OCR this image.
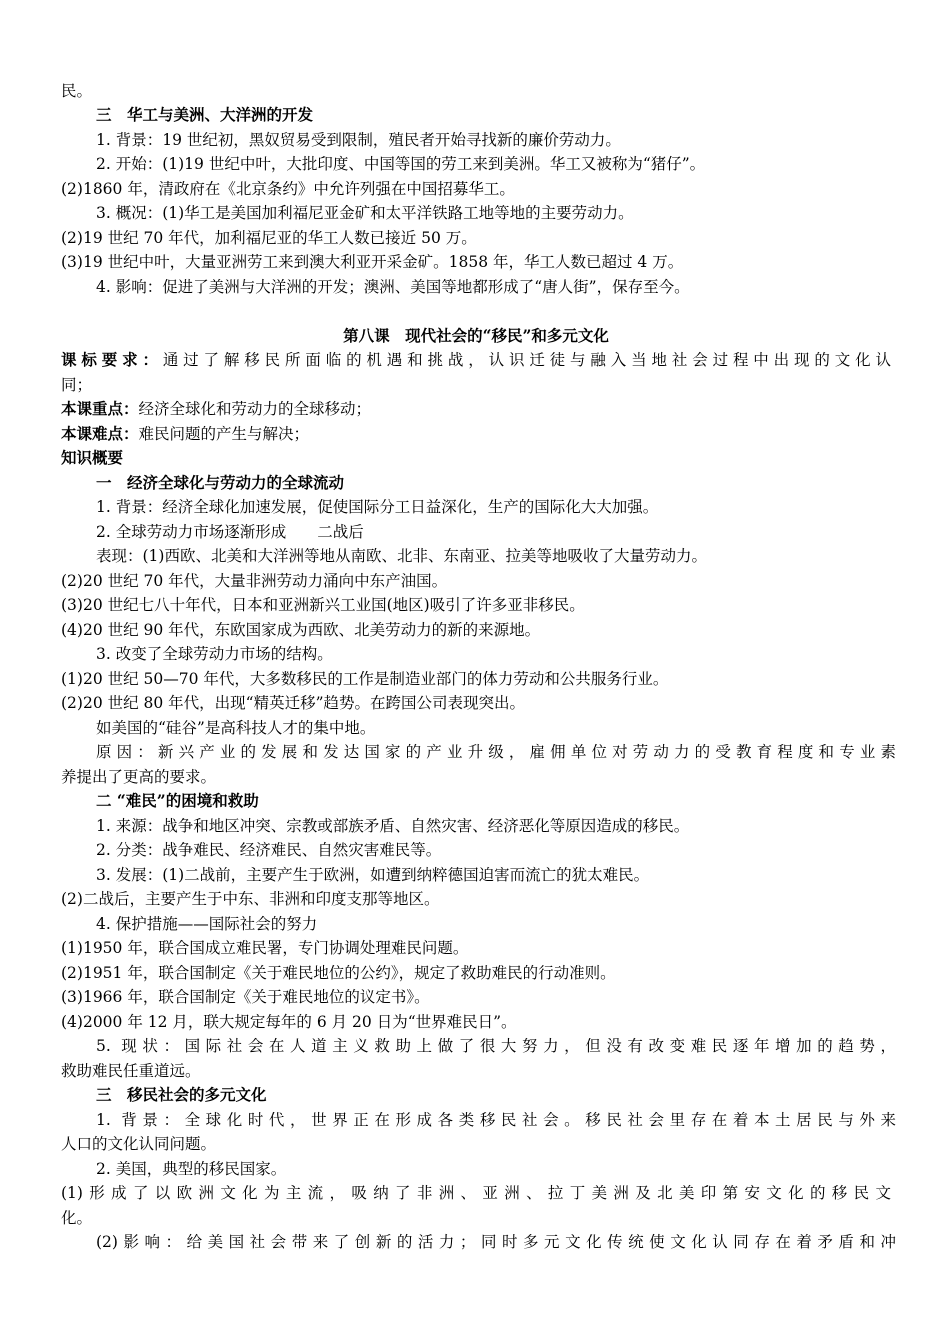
民。
三　华工与美洲、大洋洲的开发
1. 背景：19 世纪初，黑奴贸易受到限制，殖民者开始寻找新的廉价劳动力。
2. 开始：(1)19 世纪中叶，大批印度、中国等国的劳工来到美洲。华工又被称为“猪仔”。
(2)1860 年，清政府在《北京条约》中允许列强在中国招募华工。
3. 概况：(1)华工是美国加利福尼亚金矿和太平洋铁路工地等地的主要劳动力。
(2)19 世纪 70 年代，加利福尼亚的华工人数已接近 50 万。
(3)19 世纪中叶，大量亚洲劳工来到澳大利亚开采金矿。1858 年，华工人数已超过 4 万。
4. 影响：促进了美洲与大洋洲的开发；澳洲、美国等地都形成了“唐人街”，保存至今。
第八课　现代社会的“移民”和多元文化
课标要求：通过了解移民所面临的机遇和挑战，认识迁徒与融入当地社会过程中出现的文化认
同；
本课重点：经济全球化和劳动力的全球移动；
本课难点：难民问题的产生与解决；
知识概要
一　经济全球化与劳动力的全球流动
1. 背景：经济全球化加速发展，促使国际分工日益深化，生产的国际化大大加强。
2. 全球劳动力市场逐渐形成　　二战后
表现：(1)西欧、北美和大洋洲等地从南欧、北非、东南亚、拉美等地吸收了大量劳动力。
(2)20 世纪 70 年代，大量非洲劳动力涌向中东产油国。
(3)20 世纪七八十年代，日本和亚洲新兴工业国(地区)吸引了许多亚非移民。
(4)20 世纪 90 年代，东欧国家成为西欧、北美劳动力的新的来源地。
3. 改变了全球劳动力市场的结构。
(1)20 世纪 50—70 年代，大多数移民的工作是制造业部门的体力劳动和公共服务行业。
(2)20 世纪 80 年代，出现“精英迁移”趋势。在跨国公司表现突出。
如美国的“硅谷”是高科技人才的集中地。
原因：新兴产业的发展和发达国家的产业升级，雇佣单位对劳动力的受教育程度和专业素
养提出了更高的要求。
二 “难民”的困境和救助
1. 来源：战争和地区冲突、宗教或部族矛盾、自然灾害、经济恶化等原因造成的移民。
2. 分类：战争难民、经济难民、自然灾害难民等。
3. 发展：(1)二战前，主要产生于欧洲，如遭到纳粹德国迫害而流亡的犹太难民。
(2)二战后，主要产生于中东、非洲和印度支那等地区。
4. 保护措施——国际社会的努力
(1)1950 年，联合国成立难民署，专门协调处理难民问题。
(2)1951 年，联合国制定《关于难民地位的公约》，规定了救助难民的行动准则。
(3)1966 年，联合国制定《关于难民地位的议定书》。
(4)2000 年 12 月，联大规定每年的 6 月 20 日为“世界难民日”。
5. 现状：国际社会在人道主义救助上做了很大努力，但没有改变难民逐年增加的趋势，
救助难民任重道远。
三　移民社会的多元文化
1. 背景：全球化时代，世界正在形成各类移民社会。移民社会里存在着本土居民与外来
人口的文化认同问题。
2. 美国，典型的移民国家。
(1)形成了以欧洲文化为主流，吸纳了非洲、亚洲、拉丁美洲及北美印第安文化的移民文
化。
(2)影响：给美国社会带来了创新的活力；同时多元文化传统使文化认同存在着矛盾和冲
